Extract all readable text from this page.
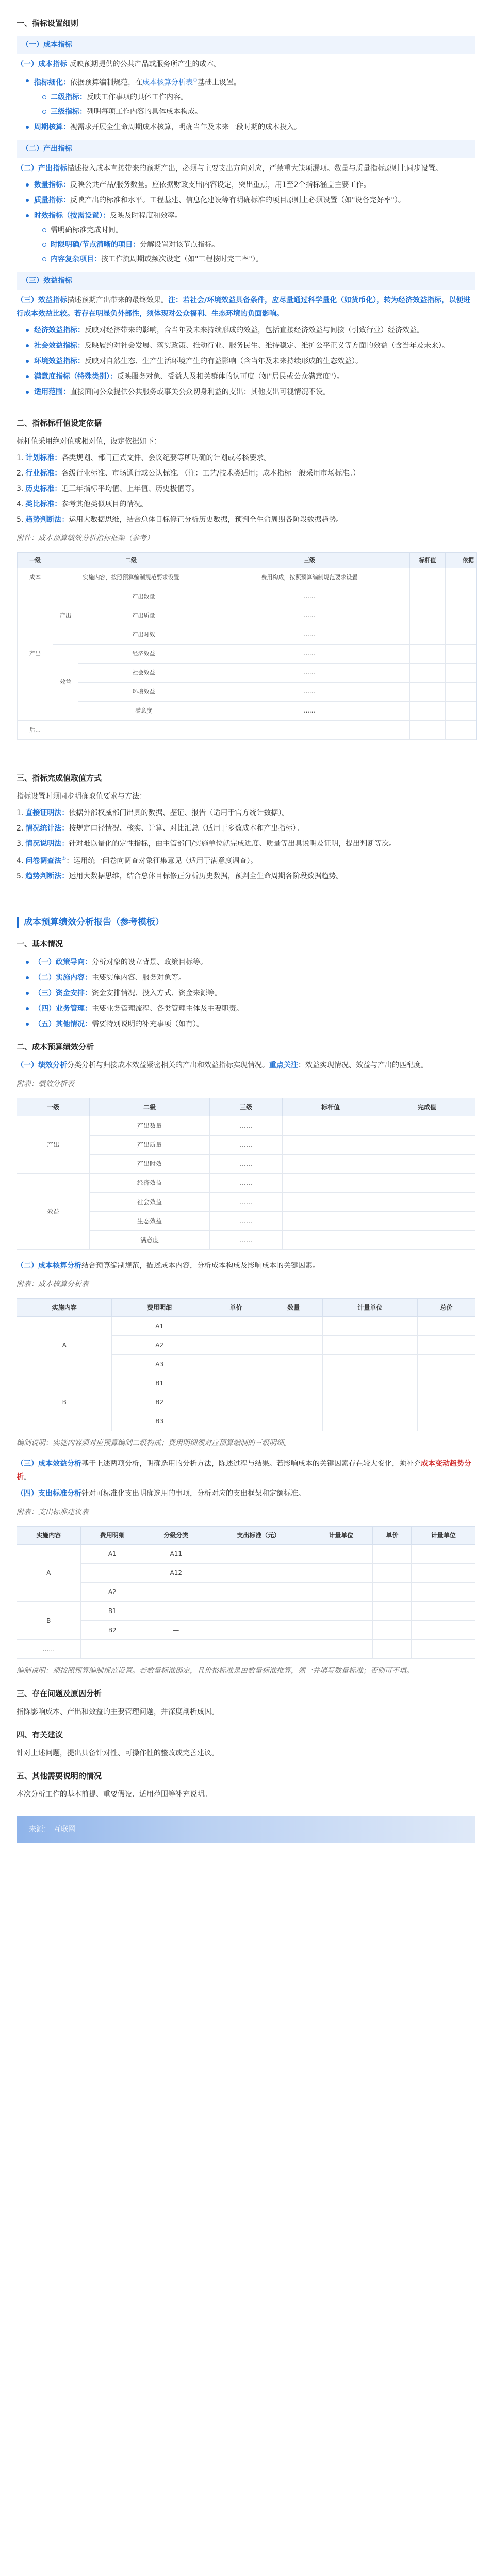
一、指标设置细则
（一）成本指标
（一）成本指标 反映预期提供的公共产品或服务所产生的成本。
指标细化：依据预算编制规范，在成本核算分析表①基础上设置。
二级指标：反映工作事项的具体工作内容。
三级指标：列明每项工作内容的具体成本构成。
周期核算：视需求开展全生命周期成本核算，明确当年及未来一段时期的成本投入。
（二）产出指标
（二）产出指标描述投入成本直接带来的预期产出，必须与主要支出方向对应，严禁重大缺项漏项。数量与质量指标原则上同步设置。
数量指标：反映公共产品/服务数量。应依据财政支出内容设定，突出重点，用1至2个指标涵盖主要工作。
质量指标：反映产出的标准和水平。工程基建、信息化建设等有明确标准的项目原则上必须设置（如"设备完好率"）。
时效指标（按需设置）：反映及时程度和效率。
需明确标准完成时间。
时限明确/节点清晰的项目：分解设置对该节点指标。
内容复杂项目：按工作流周期或频次设定（如"工程按时完工率"）。
（三）效益指标
（三）效益指标描述预期产出带来的最终效果。注：若社会/环境效益具备条件，应尽量通过科学量化（如货币化），转为经济效益指标，以便进行成本效益比较。若存在明显负外部性，须体现对公众福利、生态环境的负面影响。
经济效益指标：反映对经济带来的影响，含当年及未来持续形成的效益，包括直接经济效益与间接（引致行业）经济效益。
社会效益指标：反映履约对社会发展、落实政策、推动行业、服务民生、维持稳定、维护公平正义等方面的效益（含当年及未来）。
环境效益指标：反映对自然生态、生产生活环境产生的有益影响（含当年及未来持续形成的生态效益）。
满意度指标（特殊类别）：反映服务对象、受益人及相关群体的认可度（如"居民或公众满意度"）。
适用范围：直接面向公众提供公共服务或事关公众切身利益的支出：其他支出可视情况不设。
二、指标标杆值设定依据
标杆值采用绝对值或相对值，设定依据如下：
1. 计划标准：各类规划、部门正式文件、会议纪要等所明确的计划或考核要求。
2. 行业标准：各级行业标准、市场通行或公认标准。（注：工艺/技术类适用；成本指标一般采用市场标准。）
3. 历史标准：近三年指标平均值、上年值、历史极值等。
4. 类比标准：参考其他类似项目的情况。
5. 趋势判断法：运用大数据思维，结合总体目标修正分析历史数据，预判全生命周期各阶段数据趋势。
附件：成本预算绩效分析指标框架（参考）
一级	二级		三级	标杆值	依据
成本	实施内容，按照预算编制规范要求设置		费用构成，按照预算编制规范要求设置		
产出	产出	产出数量	……		
		产出质量	……		
		产出时效	……		
	效益	经济效益	……		
		社会效益	……		
		环境效益	……		
		满意度	……		
后…					
三、指标完成值取值方式
指标设置时须同步明确取值要求与方法：
1. 直接证明法：依据外部权威部门出具的数据、鉴证、报告（适用于官方统计数据）。
2. 情况统计法：按规定口径情况、核实、计算、对比汇总（适用于多数成本和产出指标）。
3. 情况说明法：针对难以量化的定性指标，由主管部门/实施单位就完成进度、质量等出具说明及证明，提出判断等次。
4. 问卷调查法②：运用统一问卷向调查对象征集意见（适用于满意度调查）。
5. 趋势判断法：运用大数据思维，结合总体目标修正分析历史数据，预判全生命周期各阶段数据趋势。
成本预算绩效分析报告（参考模板）
一、基本情况
（一）政策导向：分析对象的设立背景、政策目标等。
（二）实施内容：主要实施内容、服务对象等。
（三）资金安排：资金安排情况、投入方式、资金来源等。
（四）业务管理：主要业务管理流程、各类管理主体及主要职责。
（五）其他情况：需要特别说明的补充事项（如有）。
二、成本预算绩效分析
（一）绩效分析分类分析与归接成本效益紧密相关的产出和效益指标实现情况。重点关注：效益实现情况、效益与产出的匹配度。
附表：绩效分析表
一级	二级	三级	标杆值	完成值
产出	产出数量	……		
	产出质量	……		
	产出时效	……		
效益	经济效益	……		
	社会效益	……		
	生态效益	……		
	满意度	……		
（二）成本核算分析结合预算编制规范，描述成本内容，分析成本构成及影响成本的关键因素。
附表：成本核算分析表
实施内容	费用明细	单价	数量	计量单位	总价
A	A1				
	A2				
	A3				
B	B1				
	B2				
	B3				
编制说明：实施内容须对应预算编制二级构成；费用明细须对应预算编制的三级明细。
（三）成本效益分析基于上述两项分析，明确选用的分析方法，陈述过程与结果。若影响成本的关键因素存在较大变化，须补充成本变动趋势分析。
（四）支出标准分析针对可标准化支出明确选用的事项，分析对应的支出框架和定额标准。
附表：支出标准建议表
实施内容	费用明细	分级分类	支出标准（元）	计量单位	单价	计量单位
A	A1	A11				
		A12				
	A2	—				
B	B1					
	B2	—				
……						
编制说明：须按照预算编制规范设置。若数量标准确定，且价格标准是由数量标准推算，须一并填写数量标准；否则可不填。
三、存在问题及原因分析
指陈影响成本、产出和效益的主要管理问题，并深度剖析成因。
四、有关建议
针对上述问题，提出具备针对性、可操作性的整改或完善建议。
五、其他需要说明的情况
本次分析工作的基本前提、重要假设、适用范围等补充说明。
来源： 互联网
